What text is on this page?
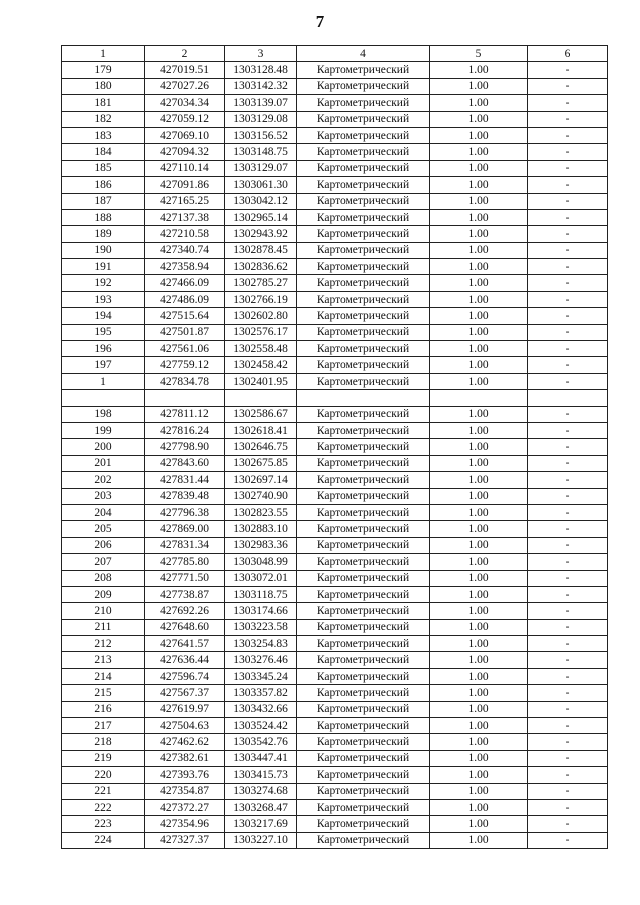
7
1	2	3	4	5	6
179	427019.51	1303128.48	Картометрический	1.00	-
180	427027.26	1303142.32	Картометрический	1.00	-
181	427034.34	1303139.07	Картометрический	1.00	-
182	427059.12	1303129.08	Картометрический	1.00	-
183	427069.10	1303156.52	Картометрический	1.00	-
184	427094.32	1303148.75	Картометрический	1.00	-
185	427110.14	1303129.07	Картометрический	1.00	-
186	427091.86	1303061.30	Картометрический	1.00	-
187	427165.25	1303042.12	Картометрический	1.00	-
188	427137.38	1302965.14	Картометрический	1.00	-
189	427210.58	1302943.92	Картометрический	1.00	-
190	427340.74	1302878.45	Картометрический	1.00	-
191	427358.94	1302836.62	Картометрический	1.00	-
192	427466.09	1302785.27	Картометрический	1.00	-
193	427486.09	1302766.19	Картометрический	1.00	-
194	427515.64	1302602.80	Картометрический	1.00	-
195	427501.87	1302576.17	Картометрический	1.00	-
196	427561.06	1302558.48	Картометрический	1.00	-
197	427759.12	1302458.42	Картометрический	1.00	-
1	427834.78	1302401.95	Картометрический	1.00	-

198	427811.12	1302586.67	Картометрический	1.00	-
199	427816.24	1302618.41	Картометрический	1.00	-
200	427798.90	1302646.75	Картометрический	1.00	-
201	427843.60	1302675.85	Картометрический	1.00	-
202	427831.44	1302697.14	Картометрический	1.00	-
203	427839.48	1302740.90	Картометрический	1.00	-
204	427796.38	1302823.55	Картометрический	1.00	-
205	427869.00	1302883.10	Картометрический	1.00	-
206	427831.34	1302983.36	Картометрический	1.00	-
207	427785.80	1303048.99	Картометрический	1.00	-
208	427771.50	1303072.01	Картометрический	1.00	-
209	427738.87	1303118.75	Картометрический	1.00	-
210	427692.26	1303174.66	Картометрический	1.00	-
211	427648.60	1303223.58	Картометрический	1.00	-
212	427641.57	1303254.83	Картометрический	1.00	-
213	427636.44	1303276.46	Картометрический	1.00	-
214	427596.74	1303345.24	Картометрический	1.00	-
215	427567.37	1303357.82	Картометрический	1.00	-
216	427619.97	1303432.66	Картометрический	1.00	-
217	427504.63	1303524.42	Картометрический	1.00	-
218	427462.62	1303542.76	Картометрический	1.00	-
219	427382.61	1303447.41	Картометрический	1.00	-
220	427393.76	1303415.73	Картометрический	1.00	-
221	427354.87	1303274.68	Картометрический	1.00	-
222	427372.27	1303268.47	Картометрический	1.00	-
223	427354.96	1303217.69	Картометрический	1.00	-
224	427327.37	1303227.10	Картометрический	1.00	-
